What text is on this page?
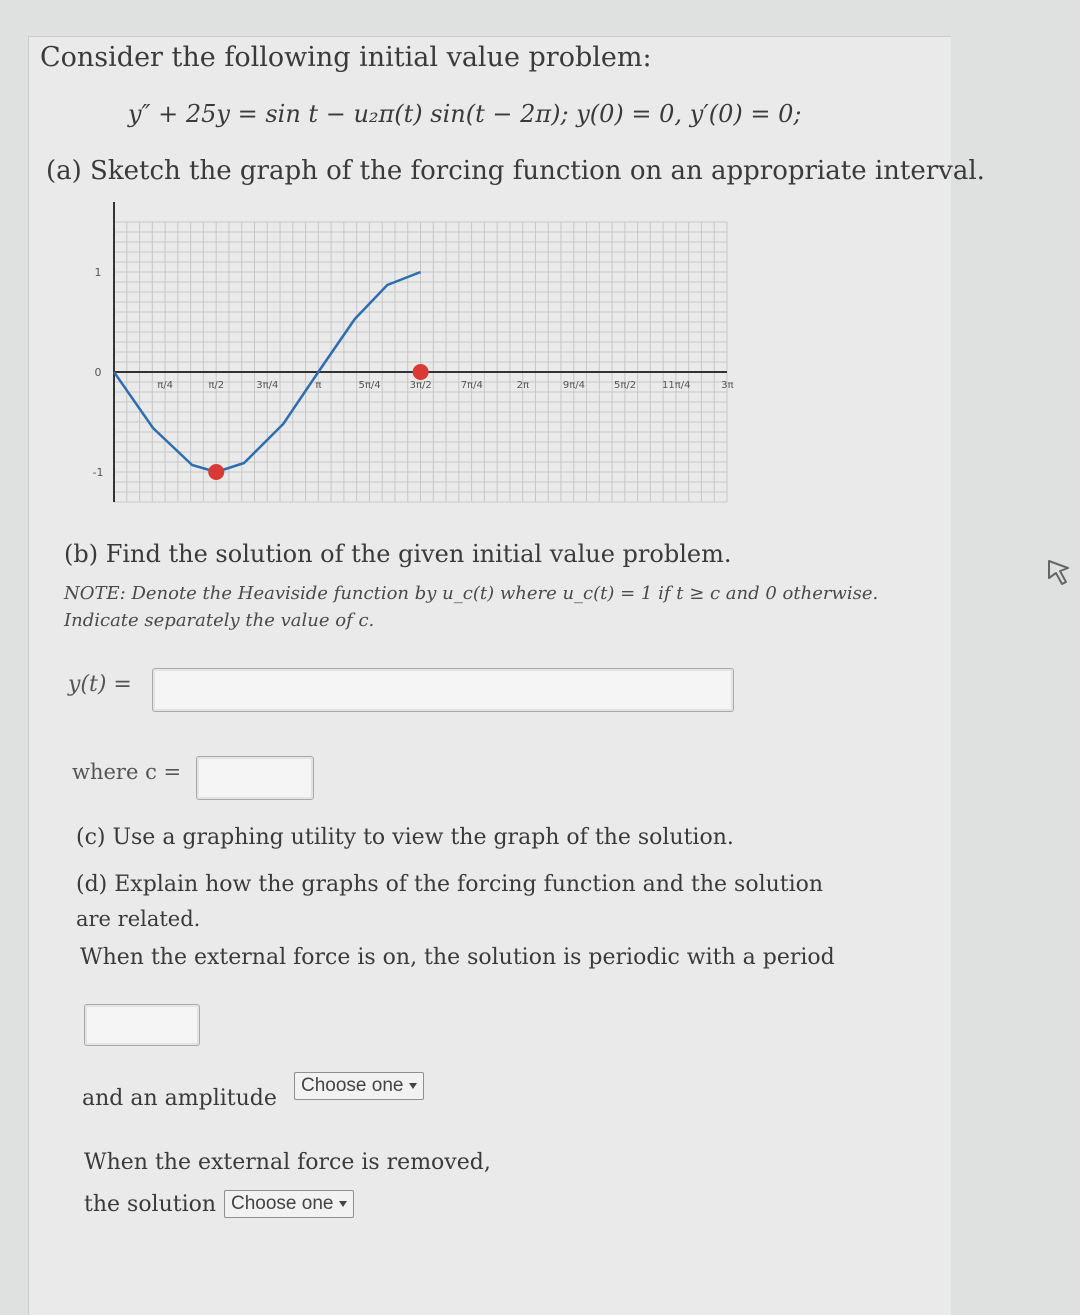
Consider the following initial value problem:
y″ + 25y = sin t − u₂π(t) sin(t − 2π); y(0) = 0, y′(0) = 0;
(a) Sketch the graph of the forcing function on an appropriate interval.
π/4	π/2	3π/4	π	5π/4	3π/2	7π/4	2π	9π/4	5π/2	11π/4	3π
1
0
-1
(b) Find the solution of the given initial value problem.
NOTE: Denote the Heaviside function by u_c(t) where u_c(t) = 1 if t ≥ c and 0 otherwise.
Indicate separately the value of c.
y(t) =
where c =
(c) Use a graphing utility to view the graph of the solution.
(d) Explain how the graphs of the forcing function and the solution
are related.
When the external force is on, the solution is periodic with a period
and an amplitude
Choose one
When the external force is removed,
the solution Choose one
